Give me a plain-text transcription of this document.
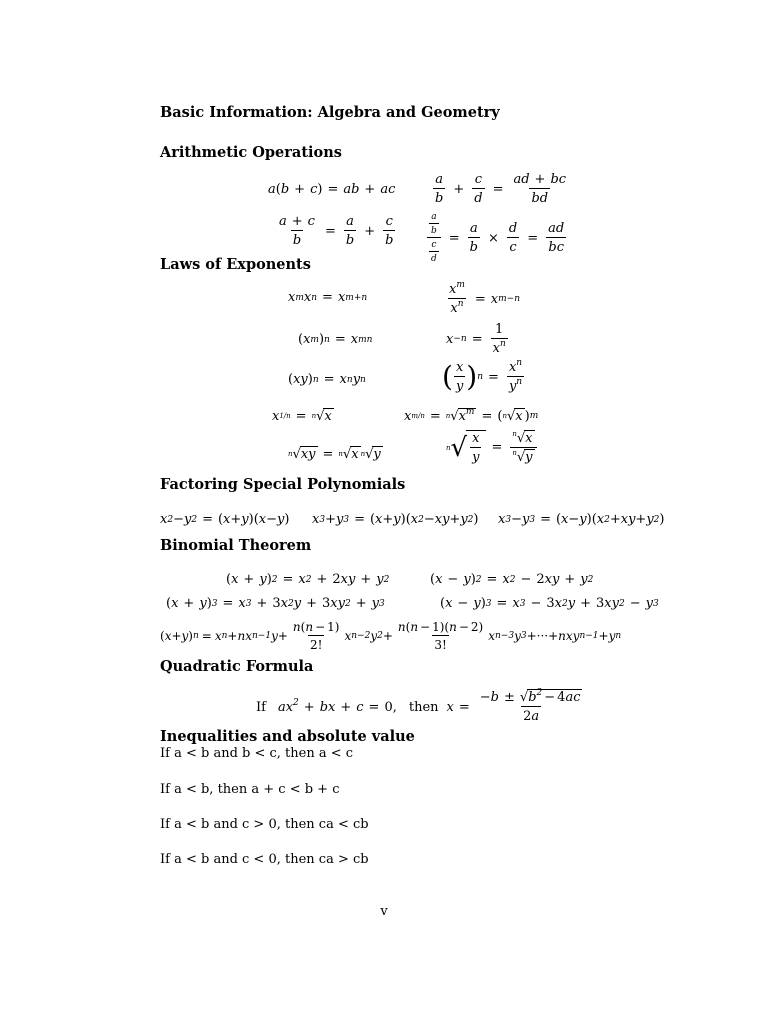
Basic Information: Algebra and Geometry
Arithmetic Operations
a ( b + c ) = ab + ac	$\frac{a}{b} + \frac{c}{d} = \frac{ad + bc}{bd}$
$\frac{a + c}{b} = \frac{a}{b} + \frac{c}{b}$	$\frac{\frac{a}{b}}{\frac{c}{d}} = \frac{a}{b} \times \frac{d}{c} = \frac{ad}{bc}$
Laws of Exponents
x m x n = x m+n	$\frac{x^m}{x^n} = x$ m−n
( x m ) n = x mn	$x -n = \frac{1}{x^n}$
( xy ) n = x n y n	( $\frac{x}{y}$ ) $n = \frac{x^n}{y^n}$
x 1/n = n √ x	x m/n = n √ $x^m$ = ( n √ x ) m
n √ xy = n √ x n √ y	n √ $\frac{x}{y} = \frac{^n√x}{^n√y}$
Factoring Special Polynomials
x 2 −y 2 = ( x+y )( x−y ) x 3 +y 3 = ( x+y )( x 2 −xy+y 2 ) x 3 −y 3 = ( x−y )( x 2 +xy+y 2 )
Binomial Theorem
( x + y ) 2 = x 2 + 2 xy + y 2	( x − y ) 2 = x 2 − 2 xy + y 2
( x + y ) 3 = x 3 + 3 x 2 y + 3 xy 2 + y 3	( x − y ) 3 = x 3 − 3 x 2 y + 3 xy 2 − y 3
( x+y ) n = x n +nx n−1 $y+ \frac{n(n - 1)}{2!}$ x n−2 y $2 + \frac{n(n - 1)(n - 2)}{3!}$ x n−3 y 3 + ··· +nxy n−1 +y n
Quadratic Formula
If $ax^2$ + bx + c = 0, then $x = \frac{-b \pm √b^2 - 4ac}{2a}$
Inequalities and absolute value
If a < b and b < c, then a < c
If a < b, then a + c < b + c
If a < b and c > 0, then ca < cb
If a < b and c < 0, then ca > cb
v
